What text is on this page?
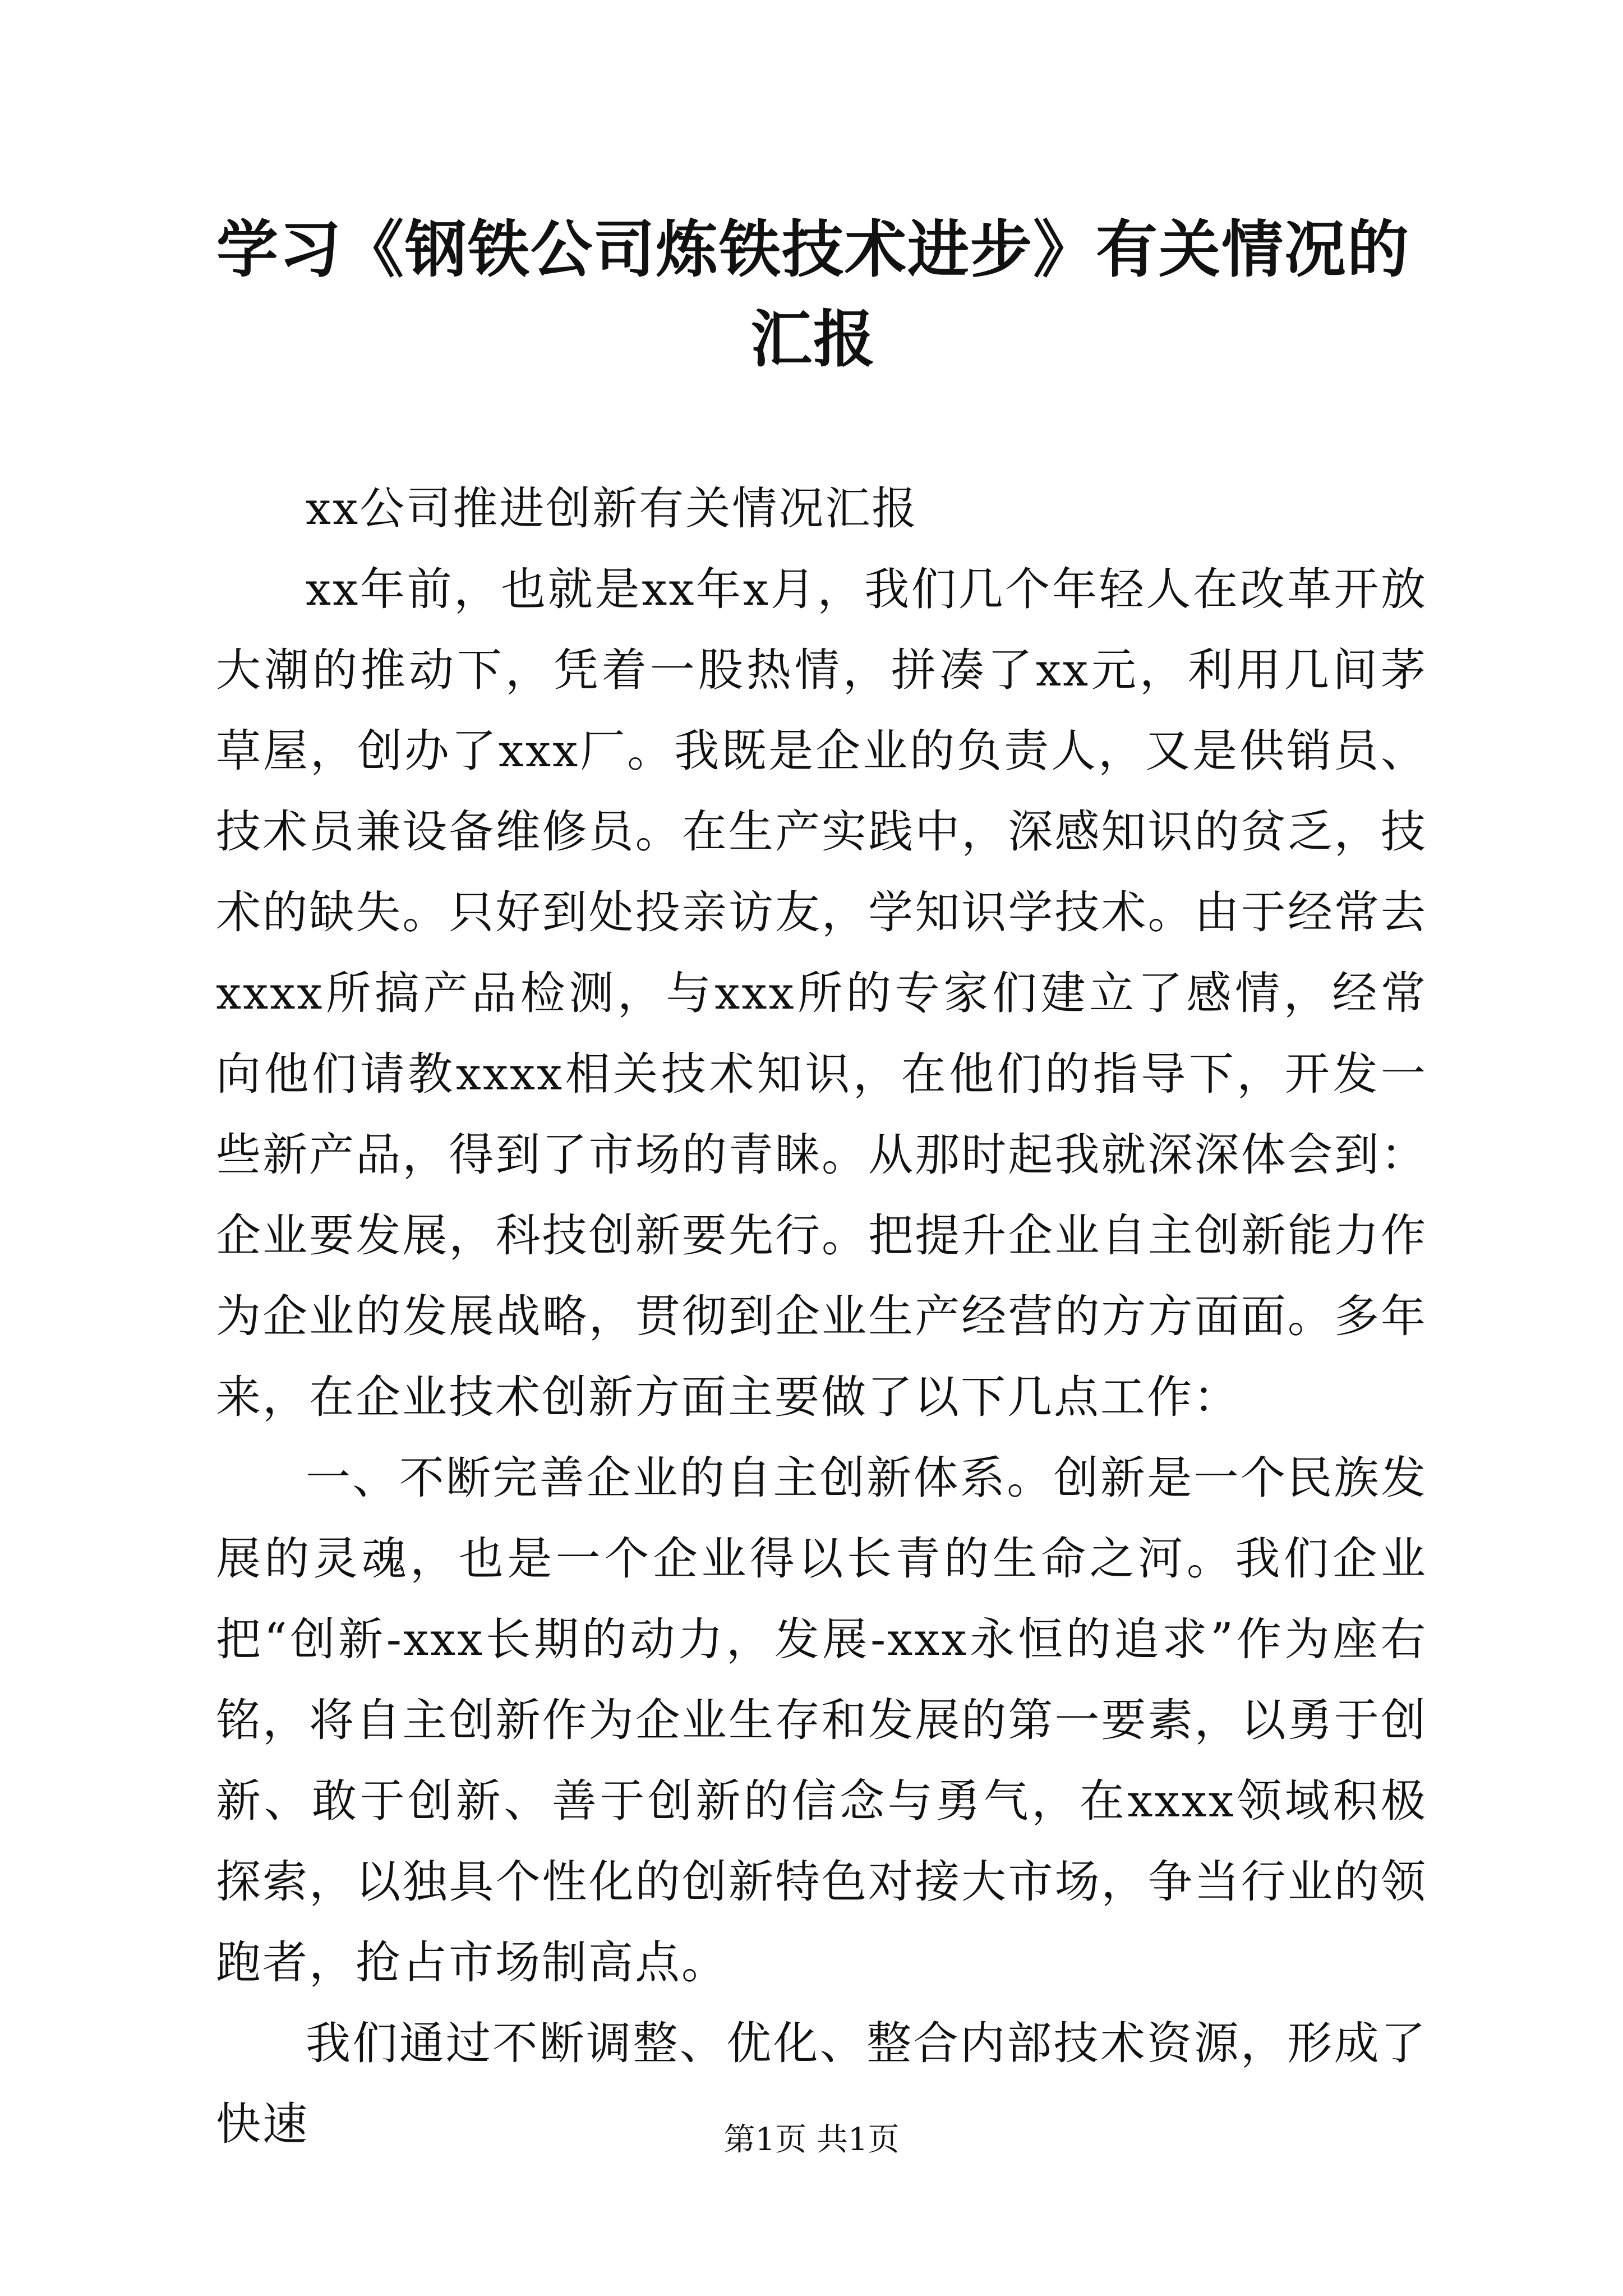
学习《钢铁公司炼铁技术进步》有关情况的汇报

xx公司推进创新有关情况汇报

xx年前，也就是xx年x月，我们几个年轻人在改革开放大潮的推动下，凭着一股热情，拼凑了xx元，利用几间茅草屋，创办了xxx厂。我既是企业的负责人，又是供销员、技术员兼设备维修员。在生产实践中，深感知识的贫乏，技术的缺失。只好到处投亲访友，学知识学技术。由于经常去xxxx所搞产品检测，与xxx所的专家们建立了感情，经常向他们请教xxxx相关技术知识，在他们的指导下，开发一些新产品，得到了市场的青睐。从那时起我就深深体会到：企业要发展，科技创新要先行。把提升企业自主创新能力作为企业的发展战略，贯彻到企业生产经营的方方面面。多年来，在企业技术创新方面主要做了以下几点工作：

一、不断完善企业的自主创新体系。创新是一个民族发展的灵魂，也是一个企业得以长青的生命之河。我们企业把“创新-xxx长期的动力，发展-xxx永恒的追求”作为座右铭，将自主创新作为企业生存和发展的第一要素，以勇于创新、敢于创新、善于创新的信念与勇气，在xxxx领域积极探索，以独具个性化的创新特色对接大市场，争当行业的领跑者，抢占市场制高点。

我们通过不断调整、优化、整合内部技术资源，形成了快速	第1页 共1页
